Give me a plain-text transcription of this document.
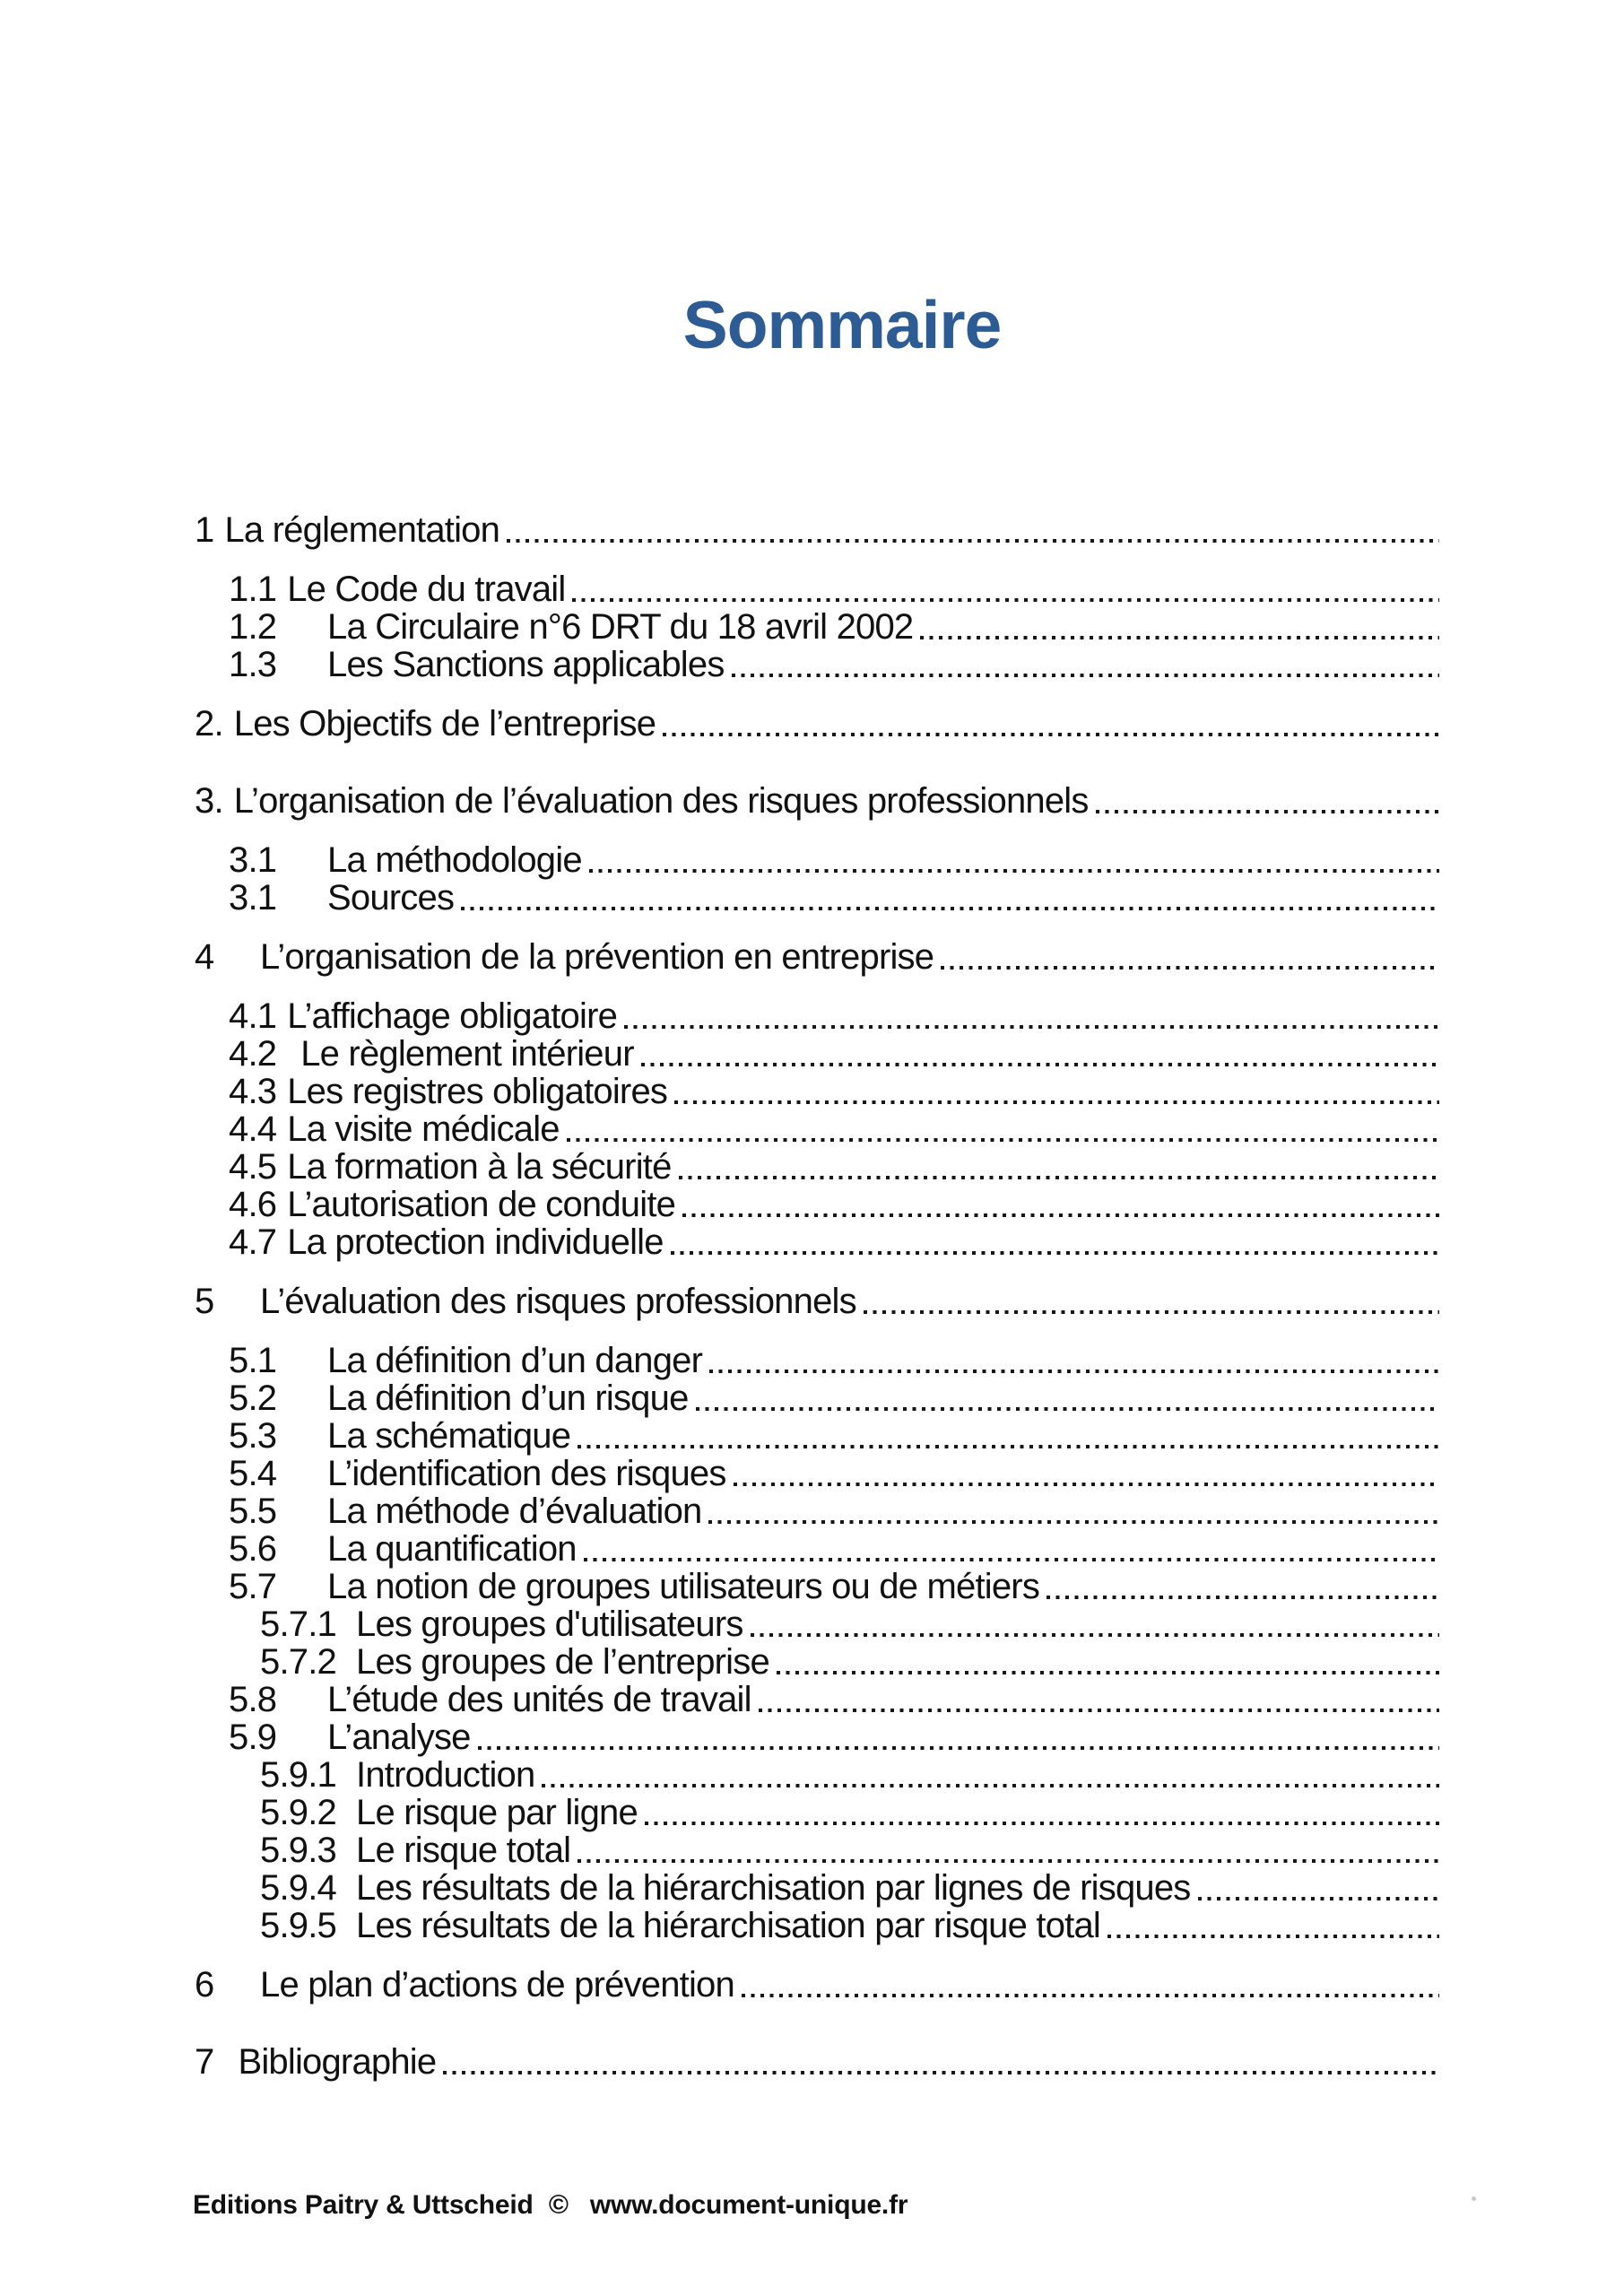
Sommaire
1 La réglementation
1.1 Le Code du travail
1.2	La Circulaire n°6 DRT du 18 avril 2002
1.3	Les Sanctions applicables
2. Les Objectifs de l’entreprise
3. L’organisation de l’évaluation des risques professionnels
3.1	La méthodologie
3.1	Sources
4	L’organisation de la prévention en entreprise
4.1 L’affichage obligatoire
4.2 Le règlement intérieur
4.3 Les registres obligatoires
4.4 La visite médicale
4.5 La formation à la sécurité
4.6 L’autorisation de conduite
4.7 La protection individuelle
5	L’évaluation des risques professionnels
5.1	La définition d’un danger
5.2	La définition d’un risque
5.3	La schématique
5.4	L’identification des risques
5.5	La méthode d’évaluation
5.6	La quantification
5.7	La notion de groupes utilisateurs ou de métiers
5.7.1 Les groupes d'utilisateurs
5.7.2 Les groupes de l’entreprise
5.8	L’étude des unités de travail
5.9	L’analyse
5.9.1 Introduction
5.9.2 Le risque par ligne
5.9.3 Le risque total
5.9.4 Les résultats de la hiérarchisation par lignes de risques
5.9.5 Les résultats de la hiérarchisation par risque total
6	Le plan d’actions de prévention
7 Bibliographie
Editions Paitry & Uttscheid © www.document-unique.fr
